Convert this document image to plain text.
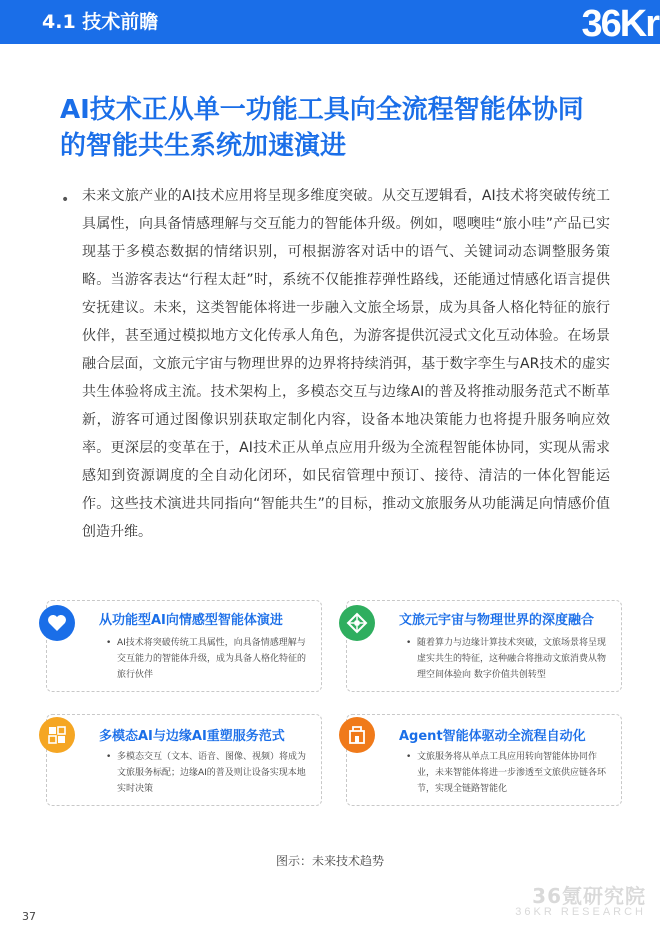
4.1 技术前瞻	36Kr
AI技术正从单一功能工具向全流程智能体协同
的智能共生系统加速演进
• 未来文旅产业的AI技术应用将呈现多维度突破。从交互逻辑看，AI技术将突破传统工具属性，向具备情感理解与交互能力的智能体升级。例如，嗯噢哇“旅小哇”产品已实现基于多模态数据的情绪识别，可根据游客对话中的语气、关键词动态调整服务策略。当游客表达“行程太赶”时，系统不仅能推荐弹性路线，还能通过情感化语言提供安抚建议。未来，这类智能体将进一步融入文旅全场景，成为具备人格化特征的旅行伙伴，甚至通过模拟地方文化传承人角色，为游客提供沉浸式文化互动体验。在场景融合层面，文旅元宇宙与物理世界的边界将持续消弭，基于数字孪生与AR技术的虚实共生体验将成主流。技术架构上，多模态交互与边缘AI的普及将推动服务范式不断革新，游客可通过图像识别获取定制化内容，设备本地决策能力也将提升服务响应效率。更深层的变革在于，AI技术正从单点应用升级为全流程智能体协同，实现从需求感知到资源调度的全自动化闭环，如民宿管理中预订、接待、清洁的一体化智能运作。这些技术演进共同指向“智能共生”的目标，推动文旅服务从功能满足向情感价值创造升维。
从功能型AI向情感型智能体演进
• AI技术将突破传统工具属性，向具备情感理解与交互能力的智能体升级，成为具备人格化特征的旅行伙伴
文旅元宇宙与物理世界的深度融合
• 随着算力与边缘计算技术突破，文旅场景将呈现虚实共生的特征，这种融合将推动文旅消费从物理空间体验向 数字价值共创转型
多模态AI与边缘AI重塑服务范式
• 多模态交互（文本、语音、图像、视频）将成为文旅服务标配；边缘AI的普及则让设备实现本地实时决策
Agent智能体驱动全流程自动化
• 文旅服务将从单点工具应用转向智能体协同作业，未来智能体将进一步渗透至文旅供应链各环节，实现全链路智能化
图示：未来技术趋势
36氪研究院
36KR RESEARCH
37
